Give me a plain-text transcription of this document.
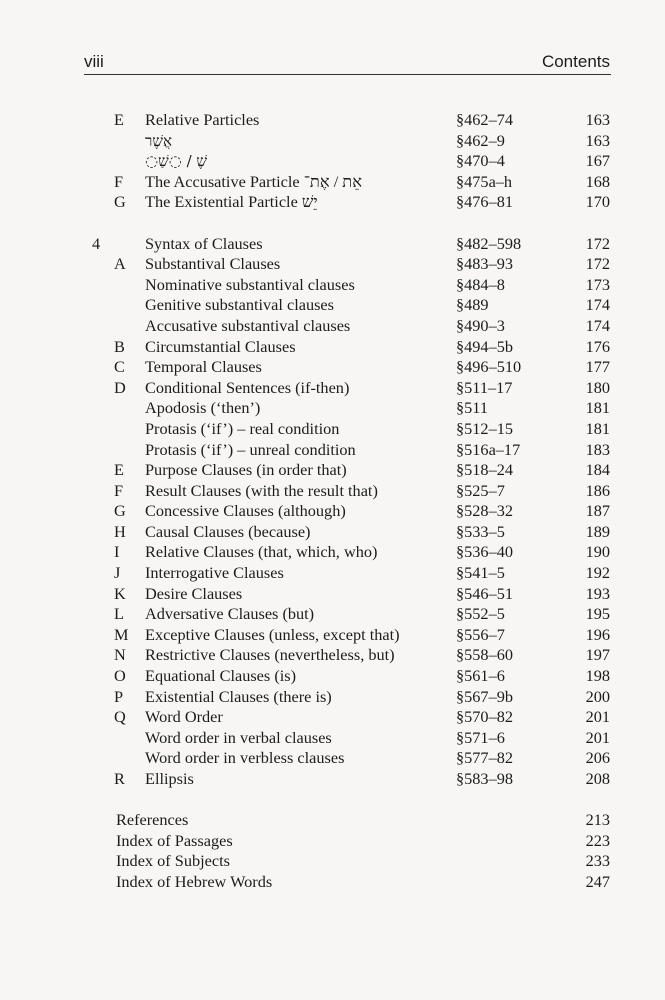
viii	Contents
E Relative Particles	§462–74	163
אֲשֶׁר	§462–9	163
◌שֶׁ / ◌שַׁ	§470–4	167
F The Accusative Particle אֵת / אֶת־	§475a–h	168
G The Existential Particle יֵשׁ	§476–81	170
4	Syntax of Clauses	§482–598	172
A Substantival Clauses	§483–93	172
Nominative substantival clauses	§484–8	173
Genitive substantival clauses	§489	174
Accusative substantival clauses	§490–3	174
B Circumstantial Clauses	§494–5b	176
C Temporal Clauses	§496–510	177
D Conditional Sentences (if-then)	§511–17	180
Apodosis (‘then’)	§511	181
Protasis (‘if’) – real condition	§512–15	181
Protasis (‘if’) – unreal condition	§516a–17	183
E Purpose Clauses (in order that)	§518–24	184
F Result Clauses (with the result that)	§525–7	186
G Concessive Clauses (although)	§528–32	187
H Causal Clauses (because)	§533–5	189
I Relative Clauses (that, which, who)	§536–40	190
J Interrogative Clauses	§541–5	192
K Desire Clauses	§546–51	193
L Adversative Clauses (but)	§552–5	195
M Exceptive Clauses (unless, except that)	§556–7	196
N Restrictive Clauses (nevertheless, but)	§558–60	197
O Equational Clauses (is)	§561–6	198
P Existential Clauses (there is)	§567–9b	200
Q Word Order	§570–82	201
Word order in verbal clauses	§571–6	201
Word order in verbless clauses	§577–82	206
R Ellipsis	§583–98	208
References	213
Index of Passages	223
Index of Subjects	233
Index of Hebrew Words	247
